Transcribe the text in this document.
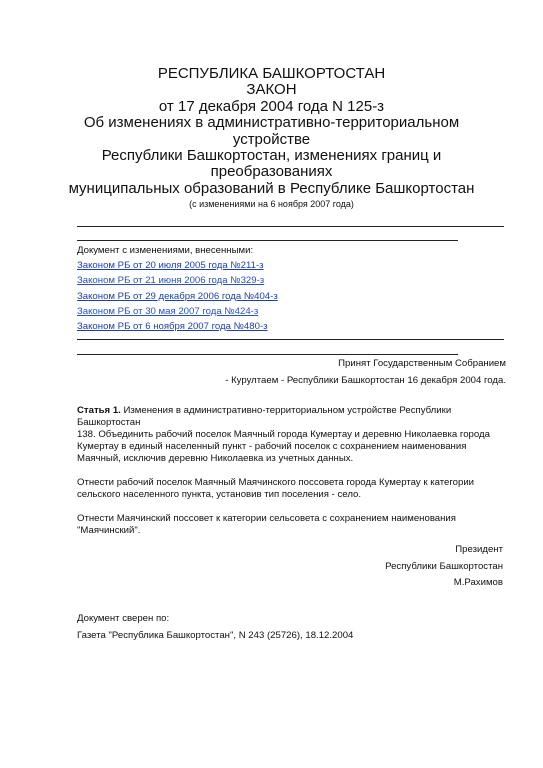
РЕСПУБЛИКА БАШКОРТОСТАН
ЗАКОН
от 17 декабря 2004 года N 125-з
Об изменениях в административно-территориальном
устройстве
Республики Башкортостан, изменениях границ и
преобразованиях
муниципальных образований в Республике Башкортостан
(с изменениями на 6 ноября 2007 года)
Документ с изменениями, внесенными:
Законом РБ от 20 июля 2005 года №211-з
Законом РБ от 21 июня 2006 года №329-з
Законом РБ от 29 декабря 2006 года №404-з
Законом РБ от 30 мая 2007 года №424-з
Законом РБ от 6 ноября 2007 года №480-з
Принят Государственным Собранием
- Курултаем - Республики Башкортостан 16 декабря 2004 года.

Статья 1. Изменения в административно-территориальном устройстве Республики Башкортостан

138. Объединить рабочий поселок Маячный города Кумертау и деревню Николаевка города Кумертау в единый населенный пункт - рабочий поселок с сохранением наименования Маячный, исключив деревню Николаевка из учетных данных.

Отнести рабочий поселок Маячный Маячинского поссовета города Кумертау к категории сельского населенного пункта, установив тип поселения - село.

Отнести Маячинский поссовет к категории сельсовета с сохранением наименования "Маячинский".

Президент
Республики Башкортостан
М.Рахимов
Документ сверен по:
Газета "Республика Башкортостан", N 243 (25726), 18.12.2004
